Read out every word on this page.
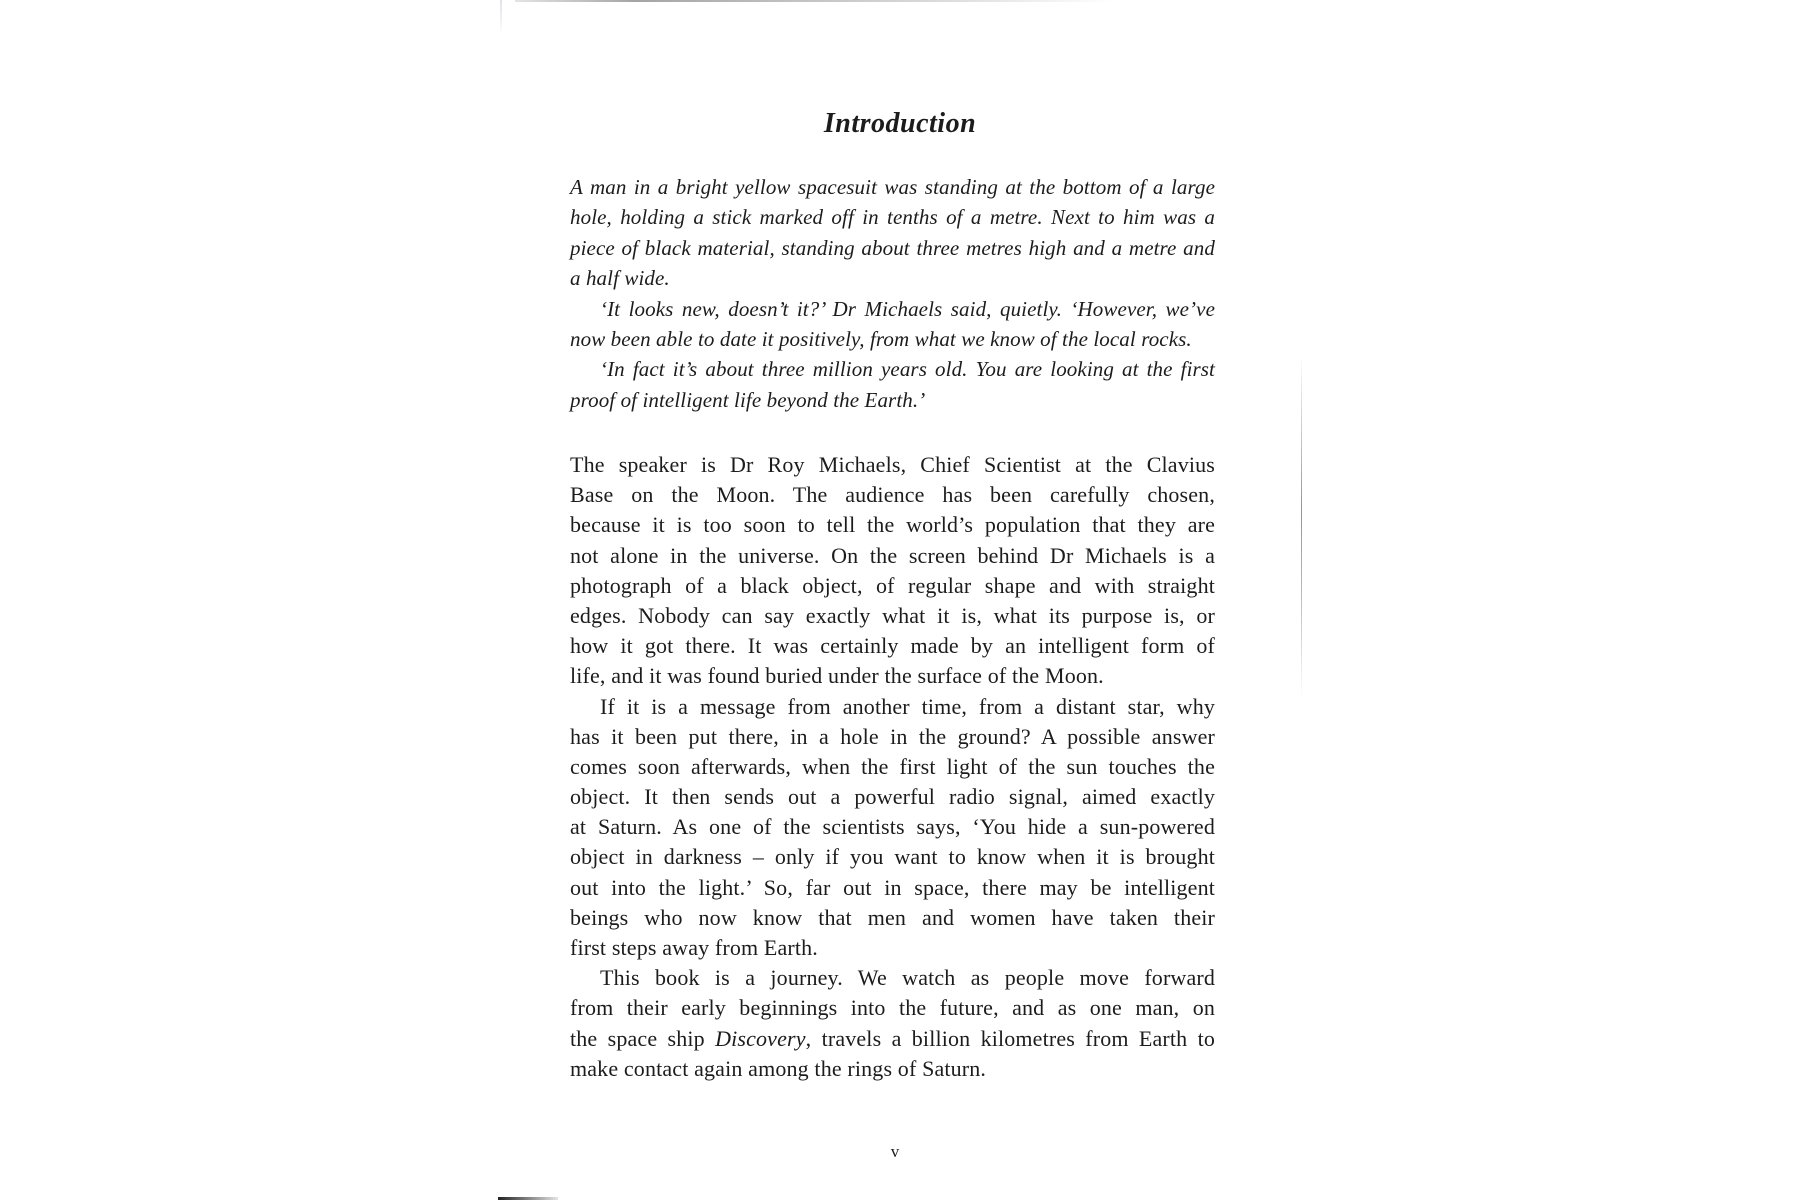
Introduction
A man in a bright yellow spacesuit was standing at the bottom of a large
hole, holding a stick marked off in tenths of a metre. Next to him was a
piece of black material, standing about three metres high and a metre and
a half wide.
‘It looks new, doesn’t it?’ Dr Michaels said, quietly. ‘However, we’ve
now been able to date it positively, from what we know of the local rocks.
‘In fact it’s about three million years old. You are looking at the first
proof of intelligent life beyond the Earth.’
The speaker is Dr Roy Michaels, Chief Scientist at the Clavius
Base on the Moon. The audience has been carefully chosen,
because it is too soon to tell the world’s population that they are
not alone in the universe. On the screen behind Dr Michaels is a
photograph of a black object, of regular shape and with straight
edges. Nobody can say exactly what it is, what its purpose is, or
how it got there. It was certainly made by an intelligent form of
life, and it was found buried under the surface of the Moon.
If it is a message from another time, from a distant star, why
has it been put there, in a hole in the ground? A possible answer
comes soon afterwards, when the first light of the sun touches the
object. It then sends out a powerful radio signal, aimed exactly
at Saturn. As one of the scientists says, ‘You hide a sun-powered
object in darkness – only if you want to know when it is brought
out into the light.’ So, far out in space, there may be intelligent
beings who now know that men and women have taken their
first steps away from Earth.
This book is a journey. We watch as people move forward
from their early beginnings into the future, and as one man, on
the space ship Discovery, travels a billion kilometres from Earth to
make contact again among the rings of Saturn.
v
